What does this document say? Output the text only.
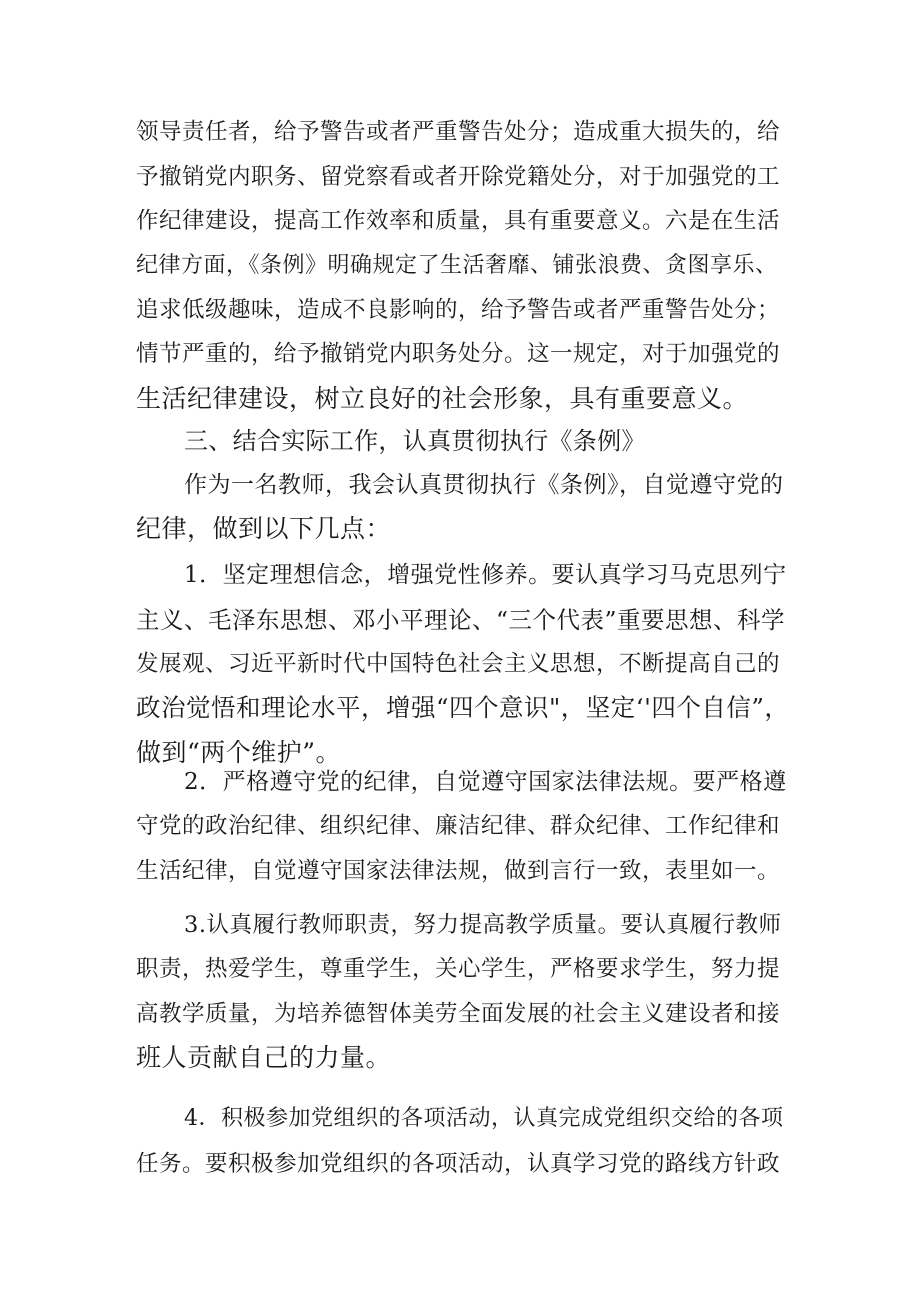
领导责任者，给予警告或者严重警告处分；造成重大损失的，给
予撤销党内职务、留党察看或者开除党籍处分，对于加强党的工
作纪律建设，提高工作效率和质量，具有重要意义。六是在生活
纪律方面，《条例》明确规定了生活奢靡、铺张浪费、贪图享乐、
追求低级趣味，造成不良影响的，给予警告或者严重警告处分；
情节严重的，给予撤销党内职务处分。这一规定，对于加强党的
生活纪律建设，树立良好的社会形象，具有重要意义。
三、结合实际工作，认真贯彻执行《条例》
作为一名教师，我会认真贯彻执行《条例》，自觉遵守党的
纪律，做到以下几点：
1．坚定理想信念，增强党性修养。要认真学习马克思列宁
主义、毛泽东思想、邓小平理论、“三个代表”重要思想、科学
发展观、习近平新时代中国特色社会主义思想，不断提高自己的
政治觉悟和理论水平，增强“四个意识"，坚定‘'四个自信”，
做到“两个维护”。
2．严格遵守党的纪律，自觉遵守国家法律法规。要严格遵
守党的政治纪律、组织纪律、廉洁纪律、群众纪律、工作纪律和
生活纪律，自觉遵守国家法律法规，做到言行一致，表里如一。
3.认真履行教师职责，努力提高教学质量。要认真履行教师
职责，热爱学生，尊重学生，关心学生，严格要求学生，努力提
高教学质量，为培养德智体美劳全面发展的社会主义建设者和接
班人贡献自己的力量。
4．积极参加党组织的各项活动，认真完成党组织交给的各项
任务。要积极参加党组织的各项活动，认真学习党的路线方针政
